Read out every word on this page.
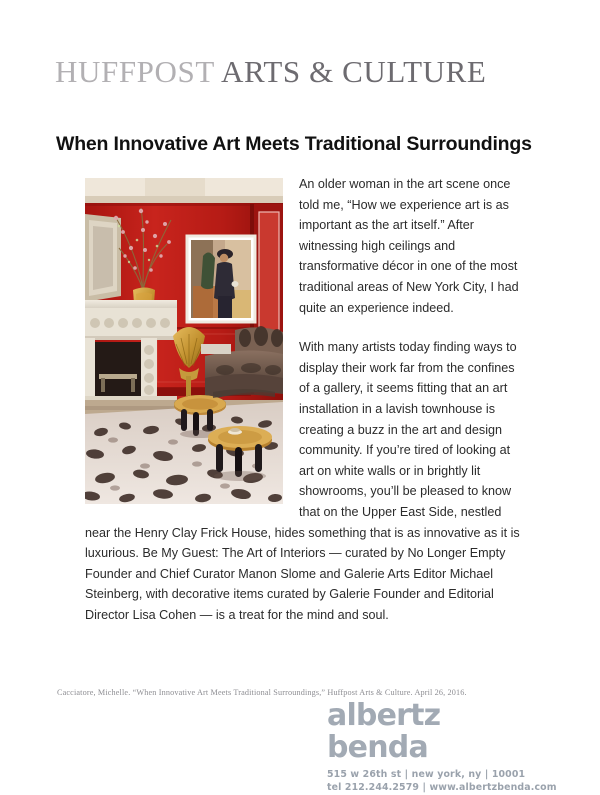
HUFFPOST ARTS & CULTURE
When Innovative Art Meets Traditional Surroundings

An older woman in the art scene once told me, “How we experience art is as important as the art itself.” After witnessing high ceilings and transformative décor in one of the most traditional areas of New York City, I had quite an experience indeed.

With many artists today finding ways to display their work far from the confines of a gallery, it seems fitting that an art installation in a lavish townhouse is creating a buzz in the art and design community. If you’re tired of looking at art on white walls or in brightly lit showrooms, you’ll be pleased to know that on the Upper East Side, nestled near the Henry Clay Frick House, hides something that is as innovative as it is luxurious. Be My Guest: The Art of Interiors — curated by No Longer Empty Founder and Chief Curator Manon Slome and Galerie Arts Editor Michael Steinberg, with decorative items curated by Galerie Founder and Editorial Director Lisa Cohen — is a treat for the mind and soul.

Cacciatore, Michelle. “When Innovative Art Meets Traditional Surroundings,” Huffpost Arts & Culture. April 26, 2016.
albertz benda
515 w 26th st | new york, ny | 10001
tel 212.244.2579 | www.albertzbenda.com
